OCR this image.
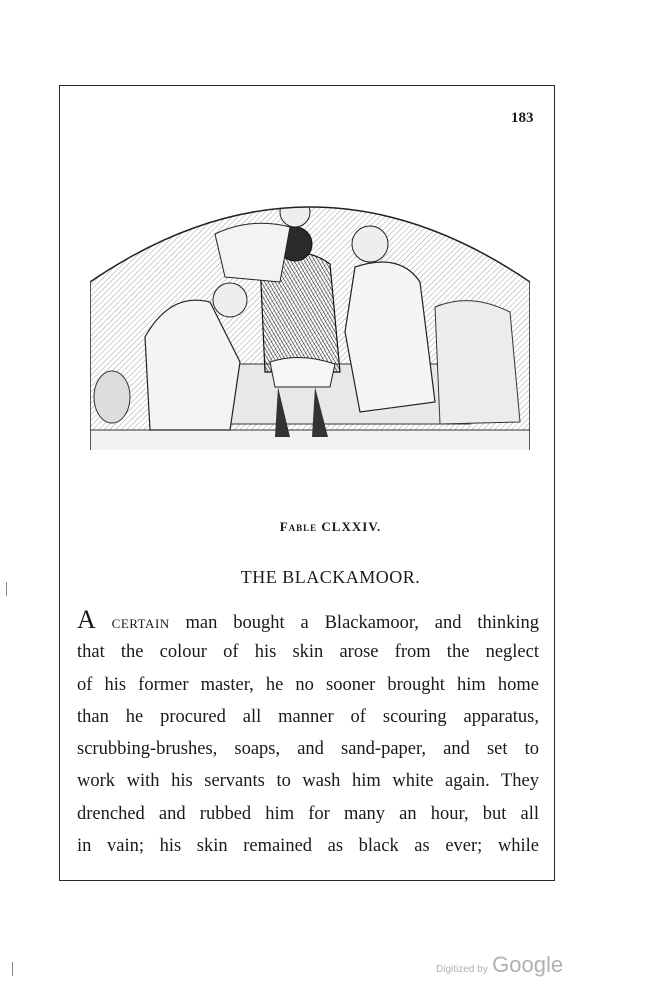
183
Fable CLXXIV.
THE BLACKAMOOR.
A certain man bought a Blackamoor, and thinking
that the colour of his skin arose from the neglect
of his former master, he no sooner brought him home
than he procured all manner of scouring apparatus,
scrubbing-brushes, soaps, and sand-paper, and set to
work with his servants to wash him white again. They
drenched and rubbed him for many an hour, but all
in vain; his skin remained as black as ever; while
Digitized by Google
